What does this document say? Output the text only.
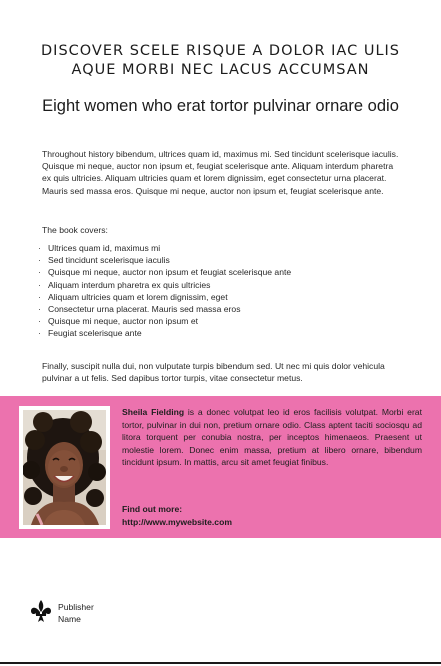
DISCOVER SCELE RISQUE A DOLOR IAC ULIS AQUE MORBI NEC LACUS ACCUMSAN
Eight women who erat tortor pulvinar ornare odio

Throughout history bibendum, ultrices quam id, maximus mi. Sed tincidunt scelerisque iaculis. Quisque mi neque, auctor non ipsum et, feugiat scelerisque ante. Aliquam interdum pharetra ex quis ultricies. Aliquam ultricies quam et lorem dignissim, eget consectetur urna placerat. Mauris sed massa eros. Quisque mi neque, auctor non ipsum et, feugiat scelerisque ante.

The book covers:

· Ultrices quam id, maximus mi
· Sed tincidunt scelerisque iaculis
· Quisque mi neque, auctor non ipsum et feugiat scelerisque ante
· Aliquam interdum pharetra ex quis ultricies
· Aliquam ultricies quam et lorem dignissim, eget
· Consectetur urna placerat. Mauris sed massa eros
· Quisque mi neque, auctor non ipsum et
· Feugiat scelerisque ante

Finally, suscipit nulla dui, non vulputate turpis bibendum sed. Ut nec mi quis dolor vehicula pulvinar a ut felis. Sed dapibus tortor turpis, vitae consectetur metus.

Sheila Fielding is a donec volutpat leo id eros facilisis volutpat. Morbi erat tortor, pulvinar in dui non, pretium ornare odio. Class aptent taciti sociosqu ad litora torquent per conubia nostra, per inceptos himenaeos. Praesent ut molestie lorem. Donec enim massa, pretium at libero ornare, bibendum tincidunt ipsum. In mattis, arcu sit amet feugiat finibus.

Find out more:
http://www.mywebsite.com
Publisher
Name
